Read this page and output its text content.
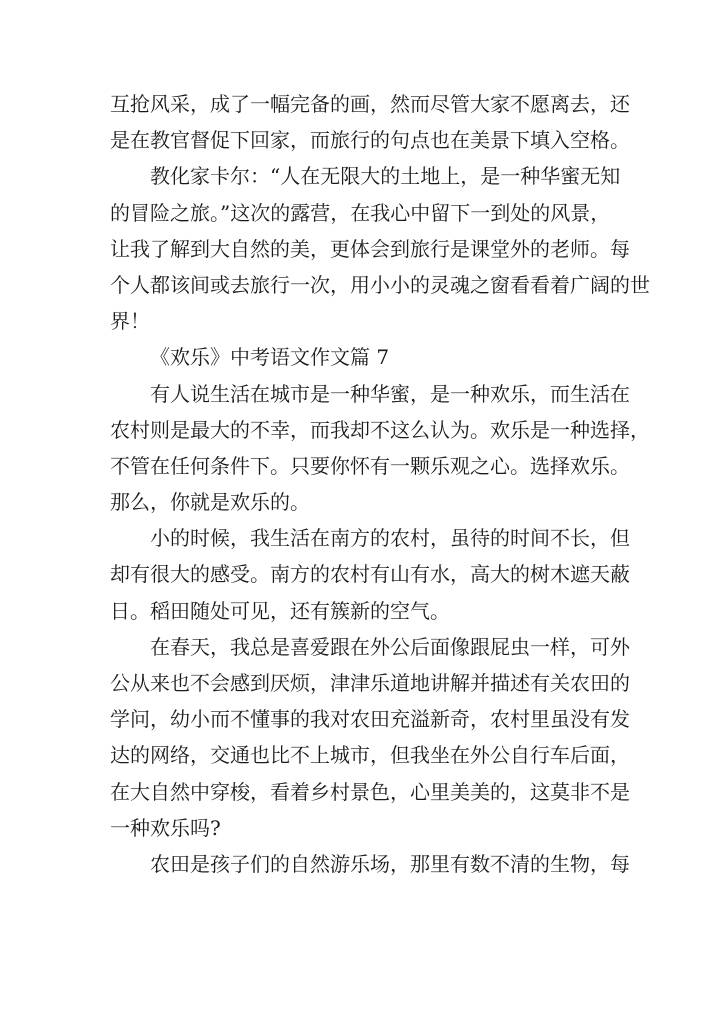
互抢风采，成了一幅完备的画，然而尽管大家不愿离去，还
是在教官督促下回家，而旅行的句点也在美景下填入空格。
教化家卡尔：“人在无限大的土地上，是一种华蜜无知
的冒险之旅。”这次的露营，在我心中留下一到处的风景，
让我了解到大自然的美，更体会到旅行是课堂外的老师。每
个人都该间或去旅行一次，用小小的灵魂之窗看看着广阔的世
界！
《欢乐》中考语文作文篇 7
有人说生活在城市是一种华蜜，是一种欢乐，而生活在
农村则是最大的不幸，而我却不这么认为。欢乐是一种选择，
不管在任何条件下。只要你怀有一颗乐观之心。选择欢乐。
那么，你就是欢乐的。
小的时候，我生活在南方的农村，虽待的时间不长，但
却有很大的感受。南方的农村有山有水，高大的树木遮天蔽
日。稻田随处可见，还有簇新的空气。
在春天，我总是喜爱跟在外公后面像跟屁虫一样，可外
公从来也不会感到厌烦，津津乐道地讲解并描述有关农田的
学问，幼小而不懂事的我对农田充溢新奇，农村里虽没有发
达的网络，交通也比不上城市，但我坐在外公自行车后面，
在大自然中穿梭，看着乡村景色，心里美美的，这莫非不是
一种欢乐吗?
农田是孩子们的自然游乐场，那里有数不清的生物，每
